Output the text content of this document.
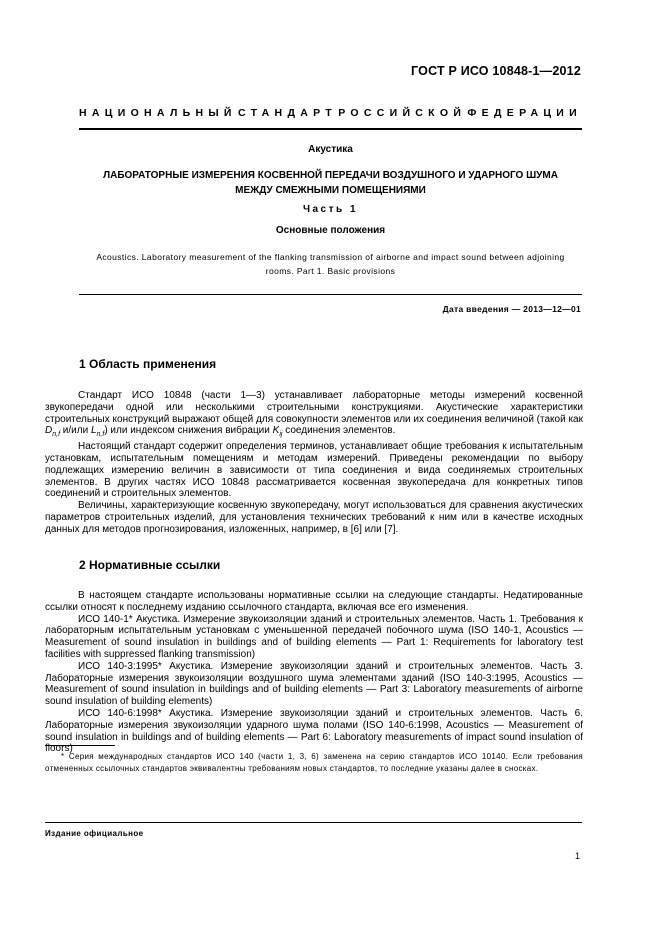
ГОСТ Р ИСО 10848-1—2012
НАЦИОНАЛЬНЫЙ СТАНДАРТ РОССИЙСКОЙ ФЕДЕРАЦИИ
Акустика
ЛАБОРАТОРНЫЕ ИЗМЕРЕНИЯ КОСВЕННОЙ ПЕРЕДАЧИ ВОЗДУШНОГО И УДАРНОГО ШУМА
МЕЖДУ СМЕЖНЫМИ ПОМЕЩЕНИЯМИ
Часть 1
Основные положения
Acoustics. Laboratory measurement of the flanking transmission of airborne and impact sound between adjoining
rooms. Part 1. Basic provisions
Дата введения — 2013—12—01
1 Область применения

Стандарт ИСО 10848 (части 1—3) устанавливает лабораторные методы измерений косвенной звукопередачи одной или несколькими строительными конструкциями. Акустические характеристики строительных конструкций выражают общей для совокупности элементов или их соединения величиной (такой как $D_{n,f}$ и/или $L_{n,f}$) или индексом снижения вибрации $K_{ij}$ соединения элементов.

Настоящий стандарт содержит определения терминов, устанавливает общие требования к испытательным установкам, испытательным помещениям и методам измерений. Приведены рекомендации по выбору подлежащих измерению величин в зависимости от типа соединения и вида соединяемых строительных элементов. В других частях ИСО 10848 рассматривается косвенная звукопередача для конкретных типов соединений и строительных элементов.

Величины, характеризующие косвенную звукопередачу, могут использоваться для сравнения акустических параметров строительных изделий, для установления технических требований к ним или в качестве исходных данных для методов прогнозирования, изложенных, например, в [6] или [7].

2 Нормативные ссылки

В настоящем стандарте использованы нормативные ссылки на следующие стандарты. Недатированные ссылки относят к последнему изданию ссылочного стандарта, включая все его изменения.

ИСО 140-1* Акустика. Измерение звукоизоляции зданий и строительных элементов. Часть 1. Требования к лабораторным испытательным установкам с уменьшенной передачей побочного шума (ISO 140-1, Acoustics — Measurement of sound insulation in buildings and of building elements — Part 1: Requirements for laboratory test facilities with suppressed flanking transmission)

ИСО 140-3:1995* Акустика. Измерение звукоизоляции зданий и строительных элементов. Часть 3. Лабораторные измерения звукоизоляции воздушного шума элементами зданий (ISO 140-3:1995, Acoustics — Measurement of sound insulation in buildings and of building elements — Part 3: Laboratory measurements of airborne sound insulation of building elements)

ИСО 140-6:1998* Акустика. Измерение звукоизоляции зданий и строительных элементов. Часть 6. Лабораторные измерения звукоизоляции ударного шума полами (ISO 140-6:1998, Acoustics — Measurement of sound insulation in buildings and of building elements — Part 6: Laboratory measurements of impact sound insulation of floors)

* Серия международных стандартов ИСО 140 (части 1, 3, 6) заменена на серию стандартов ИСО 10140. Если требования отмененных ссылочных стандартов эквивалентны требованиям новых стандартов, то последние указаны далее в сносках.

Издание официальное
1
